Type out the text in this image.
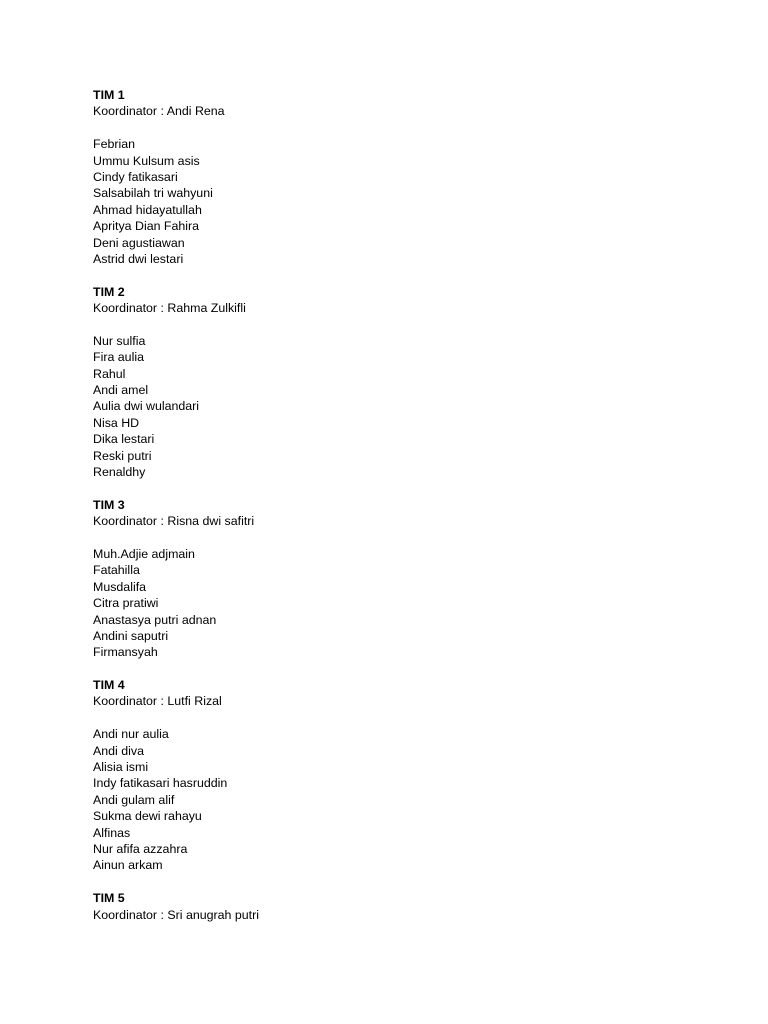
TIM 1
Koordinator : Andi Rena
Febrian
Ummu Kulsum asis
Cindy fatikasari
Salsabilah tri wahyuni
Ahmad hidayatullah
Apritya Dian Fahira
Deni agustiawan
Astrid dwi lestari
TIM 2
Koordinator : Rahma Zulkifli
Nur sulfia
Fira aulia
Rahul
Andi amel
Aulia dwi wulandari
Nisa HD
Dika lestari
Reski putri
Renaldhy
TIM 3
Koordinator : Risna dwi safitri
Muh.Adjie adjmain
Fatahilla
Musdalifa
Citra pratiwi
Anastasya putri adnan
Andini saputri
Firmansyah
TIM 4
Koordinator : Lutfi Rizal
Andi nur aulia
Andi diva
Alisia ismi
Indy fatikasari hasruddin
Andi gulam alif
Sukma dewi rahayu
Alfinas
Nur afifa azzahra
Ainun arkam
TIM 5
Koordinator : Sri anugrah putri
